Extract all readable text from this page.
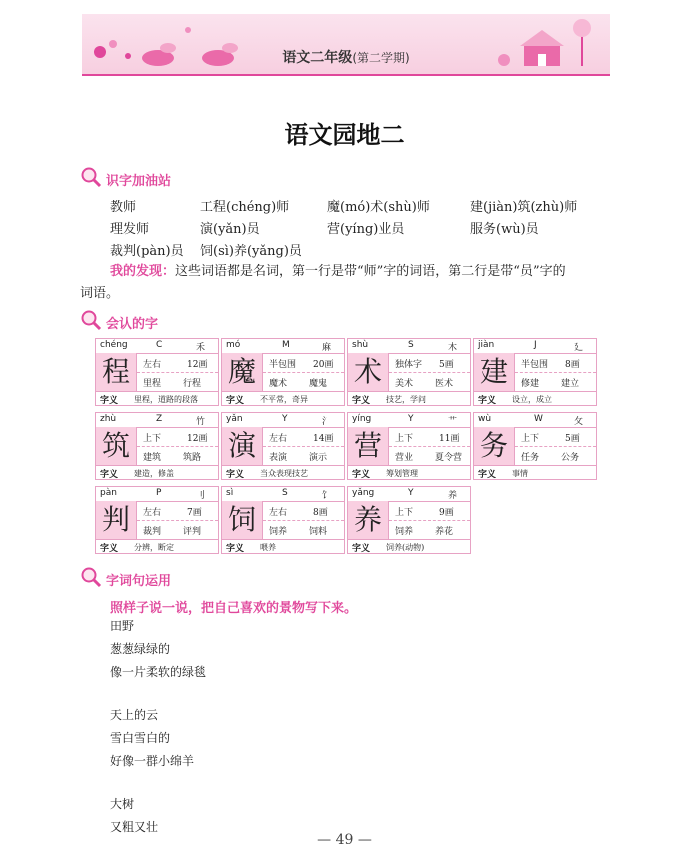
语文二年级(第二学期)
语文园地二
识字加油站
教师	工程(chéng)师	魔(mó)术(shù)师	建(jiàn)筑(zhù)师
理发师	演(yǎn)员	营(yíng)业员	服务(wù)员
裁判(pàn)员 饲(sì)养(yǎng)员
我的发现：这些词语都是名词，第一行是带“师”字的词语，第二行是带“员”字的
词语。
会认的字
chéng	C	禾
程	左右	12画
里程 行程
字义 里程，道路的段落
mó	M	麻
魔	半包围 20画
魔术 魔鬼
字义 不平常，奇异
shù	S	木
术	独体字 5画
美术 医术
字义 技艺，学问
jiàn	J	廴
建	半包围 8画
修建 建立
字义 设立，成立
zhù	Z	竹
筑	上下	12画
建筑 筑路
字义 建造，修盖
yǎn	Y	氵
演	左右	14画
表演 演示
字义 当众表现技艺
yíng	Y	艹
营	上下	11画
营业 夏令营
字义 筹划管理
wù	W	攵
务	上下	5画
任务 公务
字义 事情
pàn	P	刂
判	左右	7画
裁判 评判
字义 分辨，断定
sì	S	饣
饲	左右	8画
饲养 饲料
字义 喂养
yǎng	Y	养
养	上下	9画
饲养 养花
字义 饲养(动物)
字词句运用
照样子说一说，把自己喜欢的景物写下来。
田野
葱葱绿绿的
像一片柔软的绿毯
天上的云
雪白雪白的
好像一群小绵羊
大树
又粗又壮
— 49 —
